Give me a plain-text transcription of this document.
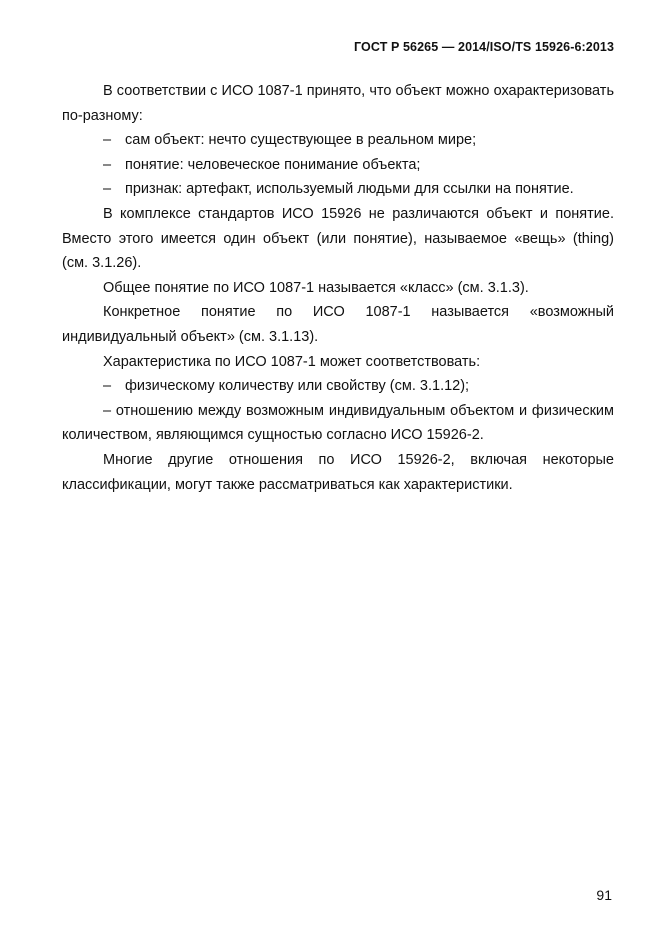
ГОСТ Р 56265 — 2014/ISO/TS 15926-6:2013

В соответствии с ИСО 1087-1 принято, что объект можно охарактеризовать по-разному:

– сам объект: нечто существующее в реальном мире;

– понятие: человеческое понимание объекта;

– признак: артефакт, используемый людьми для ссылки на понятие.

В комплексе стандартов ИСО 15926 не различаются объект и понятие. Вместо этого имеется один объект (или понятие), называемое «вещь» (thing) (см. 3.1.26).

Общее понятие по ИСО 1087-1 называется «класс» (см. 3.1.3).

Конкретное понятие по ИСО 1087-1 называется «возможный индивидуальный объект» (см. 3.1.13).

Характеристика по ИСО 1087-1 может соответствовать:

– физическому количеству или свойству (см. 3.1.12);

– отношению между возможным индивидуальным объектом и физическим количеством, являющимся сущностью согласно ИСО 15926-2.

Многие другие отношения по ИСО 15926-2, включая некоторые классификации, могут также рассматриваться как характеристики.

91
